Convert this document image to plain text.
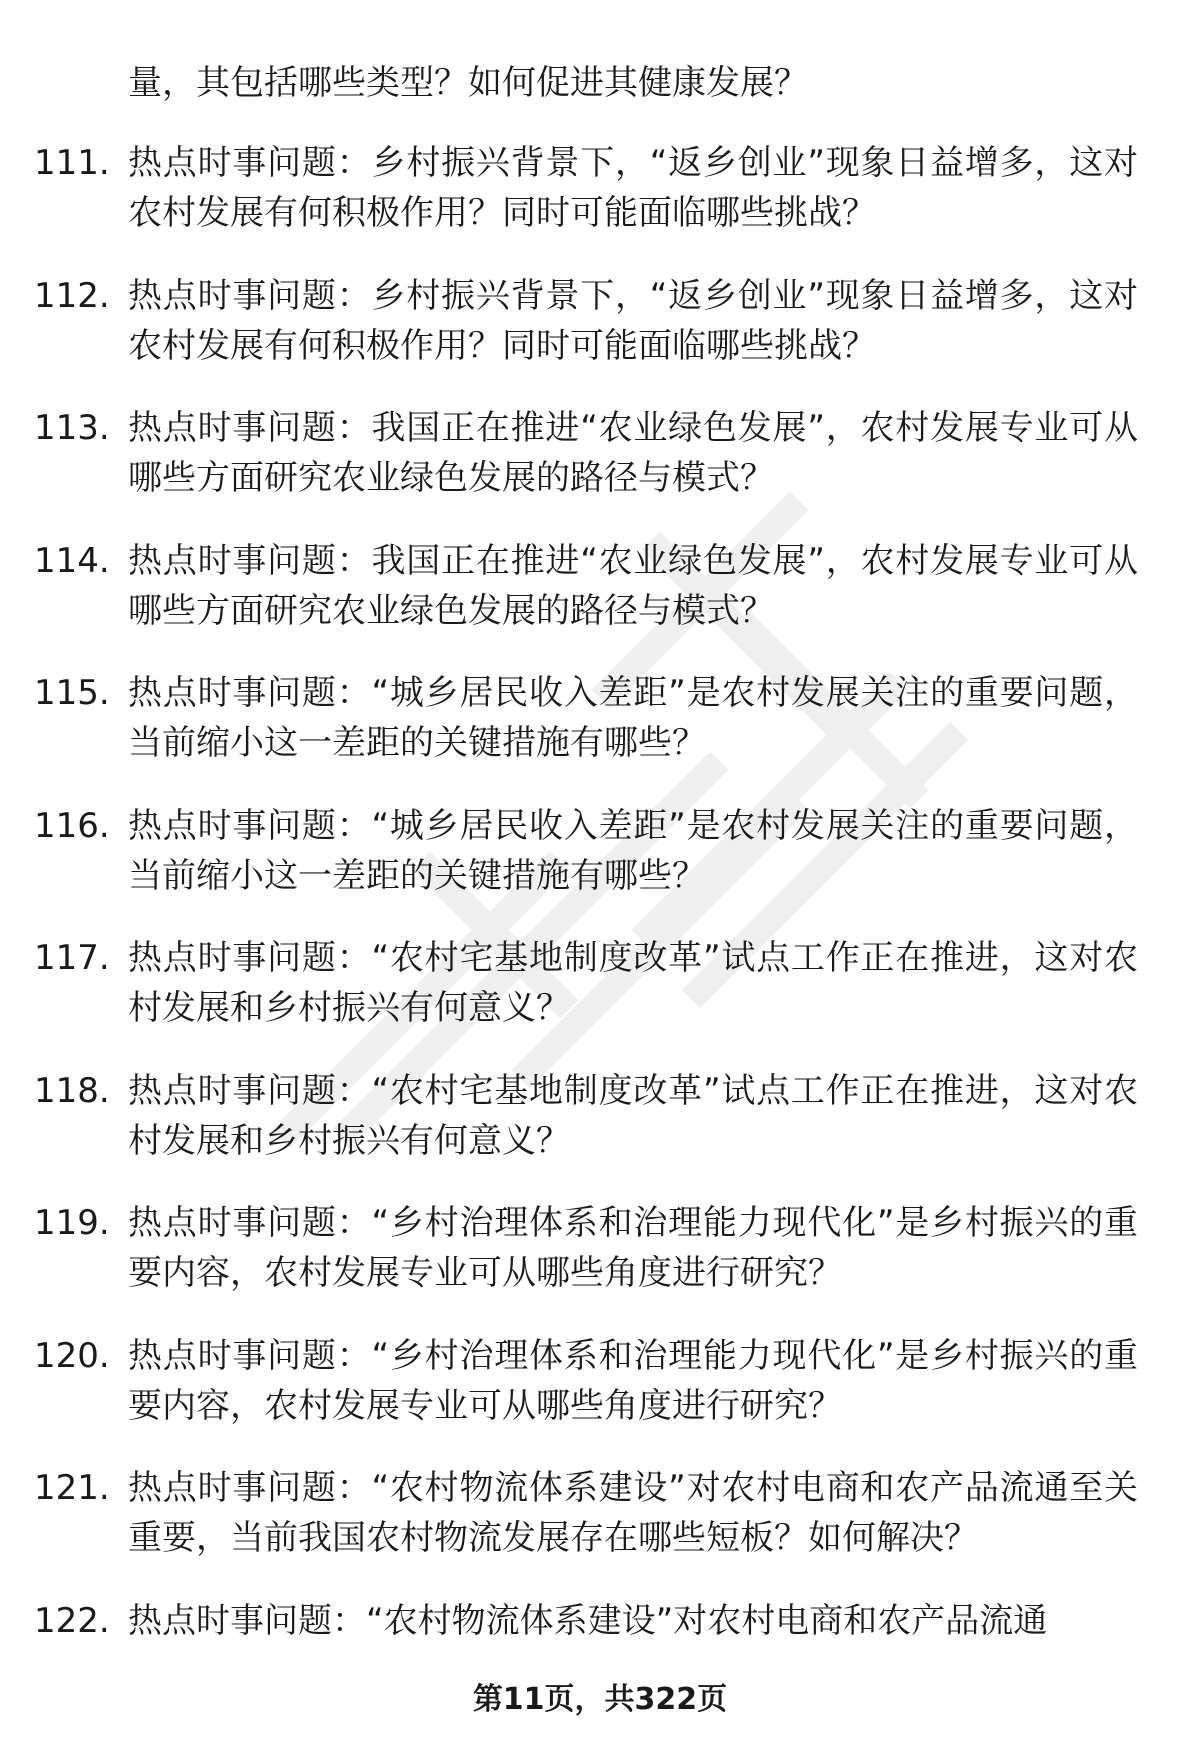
量，其包括哪些类型？如何促进其健康发展？

111. 热点时事问题：乡村振兴背景下，“返乡创业”现象日益增多，这对农村发展有何积极作用？同时可能面临哪些挑战？
112. 热点时事问题：乡村振兴背景下，“返乡创业”现象日益增多，这对农村发展有何积极作用？同时可能面临哪些挑战？
113. 热点时事问题：我国正在推进“农业绿色发展”，农村发展专业可从哪些方面研究农业绿色发展的路径与模式？
114. 热点时事问题：我国正在推进“农业绿色发展”，农村发展专业可从哪些方面研究农业绿色发展的路径与模式？
115. 热点时事问题：“城乡居民收入差距”是农村发展关注的重要问题，当前缩小这一差距的关键措施有哪些？
116. 热点时事问题：“城乡居民收入差距”是农村发展关注的重要问题，当前缩小这一差距的关键措施有哪些？
117. 热点时事问题：“农村宅基地制度改革”试点工作正在推进，这对农村发展和乡村振兴有何意义？
118. 热点时事问题：“农村宅基地制度改革”试点工作正在推进，这对农村发展和乡村振兴有何意义？
119. 热点时事问题：“乡村治理体系和治理能力现代化”是乡村振兴的重要内容，农村发展专业可从哪些角度进行研究？
120. 热点时事问题：“乡村治理体系和治理能力现代化”是乡村振兴的重要内容，农村发展专业可从哪些角度进行研究？
121. 热点时事问题：“农村物流体系建设”对农村电商和农产品流通至关重要，当前我国农村物流发展存在哪些短板？如何解决？
122. 热点时事问题：“农村物流体系建设”对农村电商和农产品流通
第11页，共322页
